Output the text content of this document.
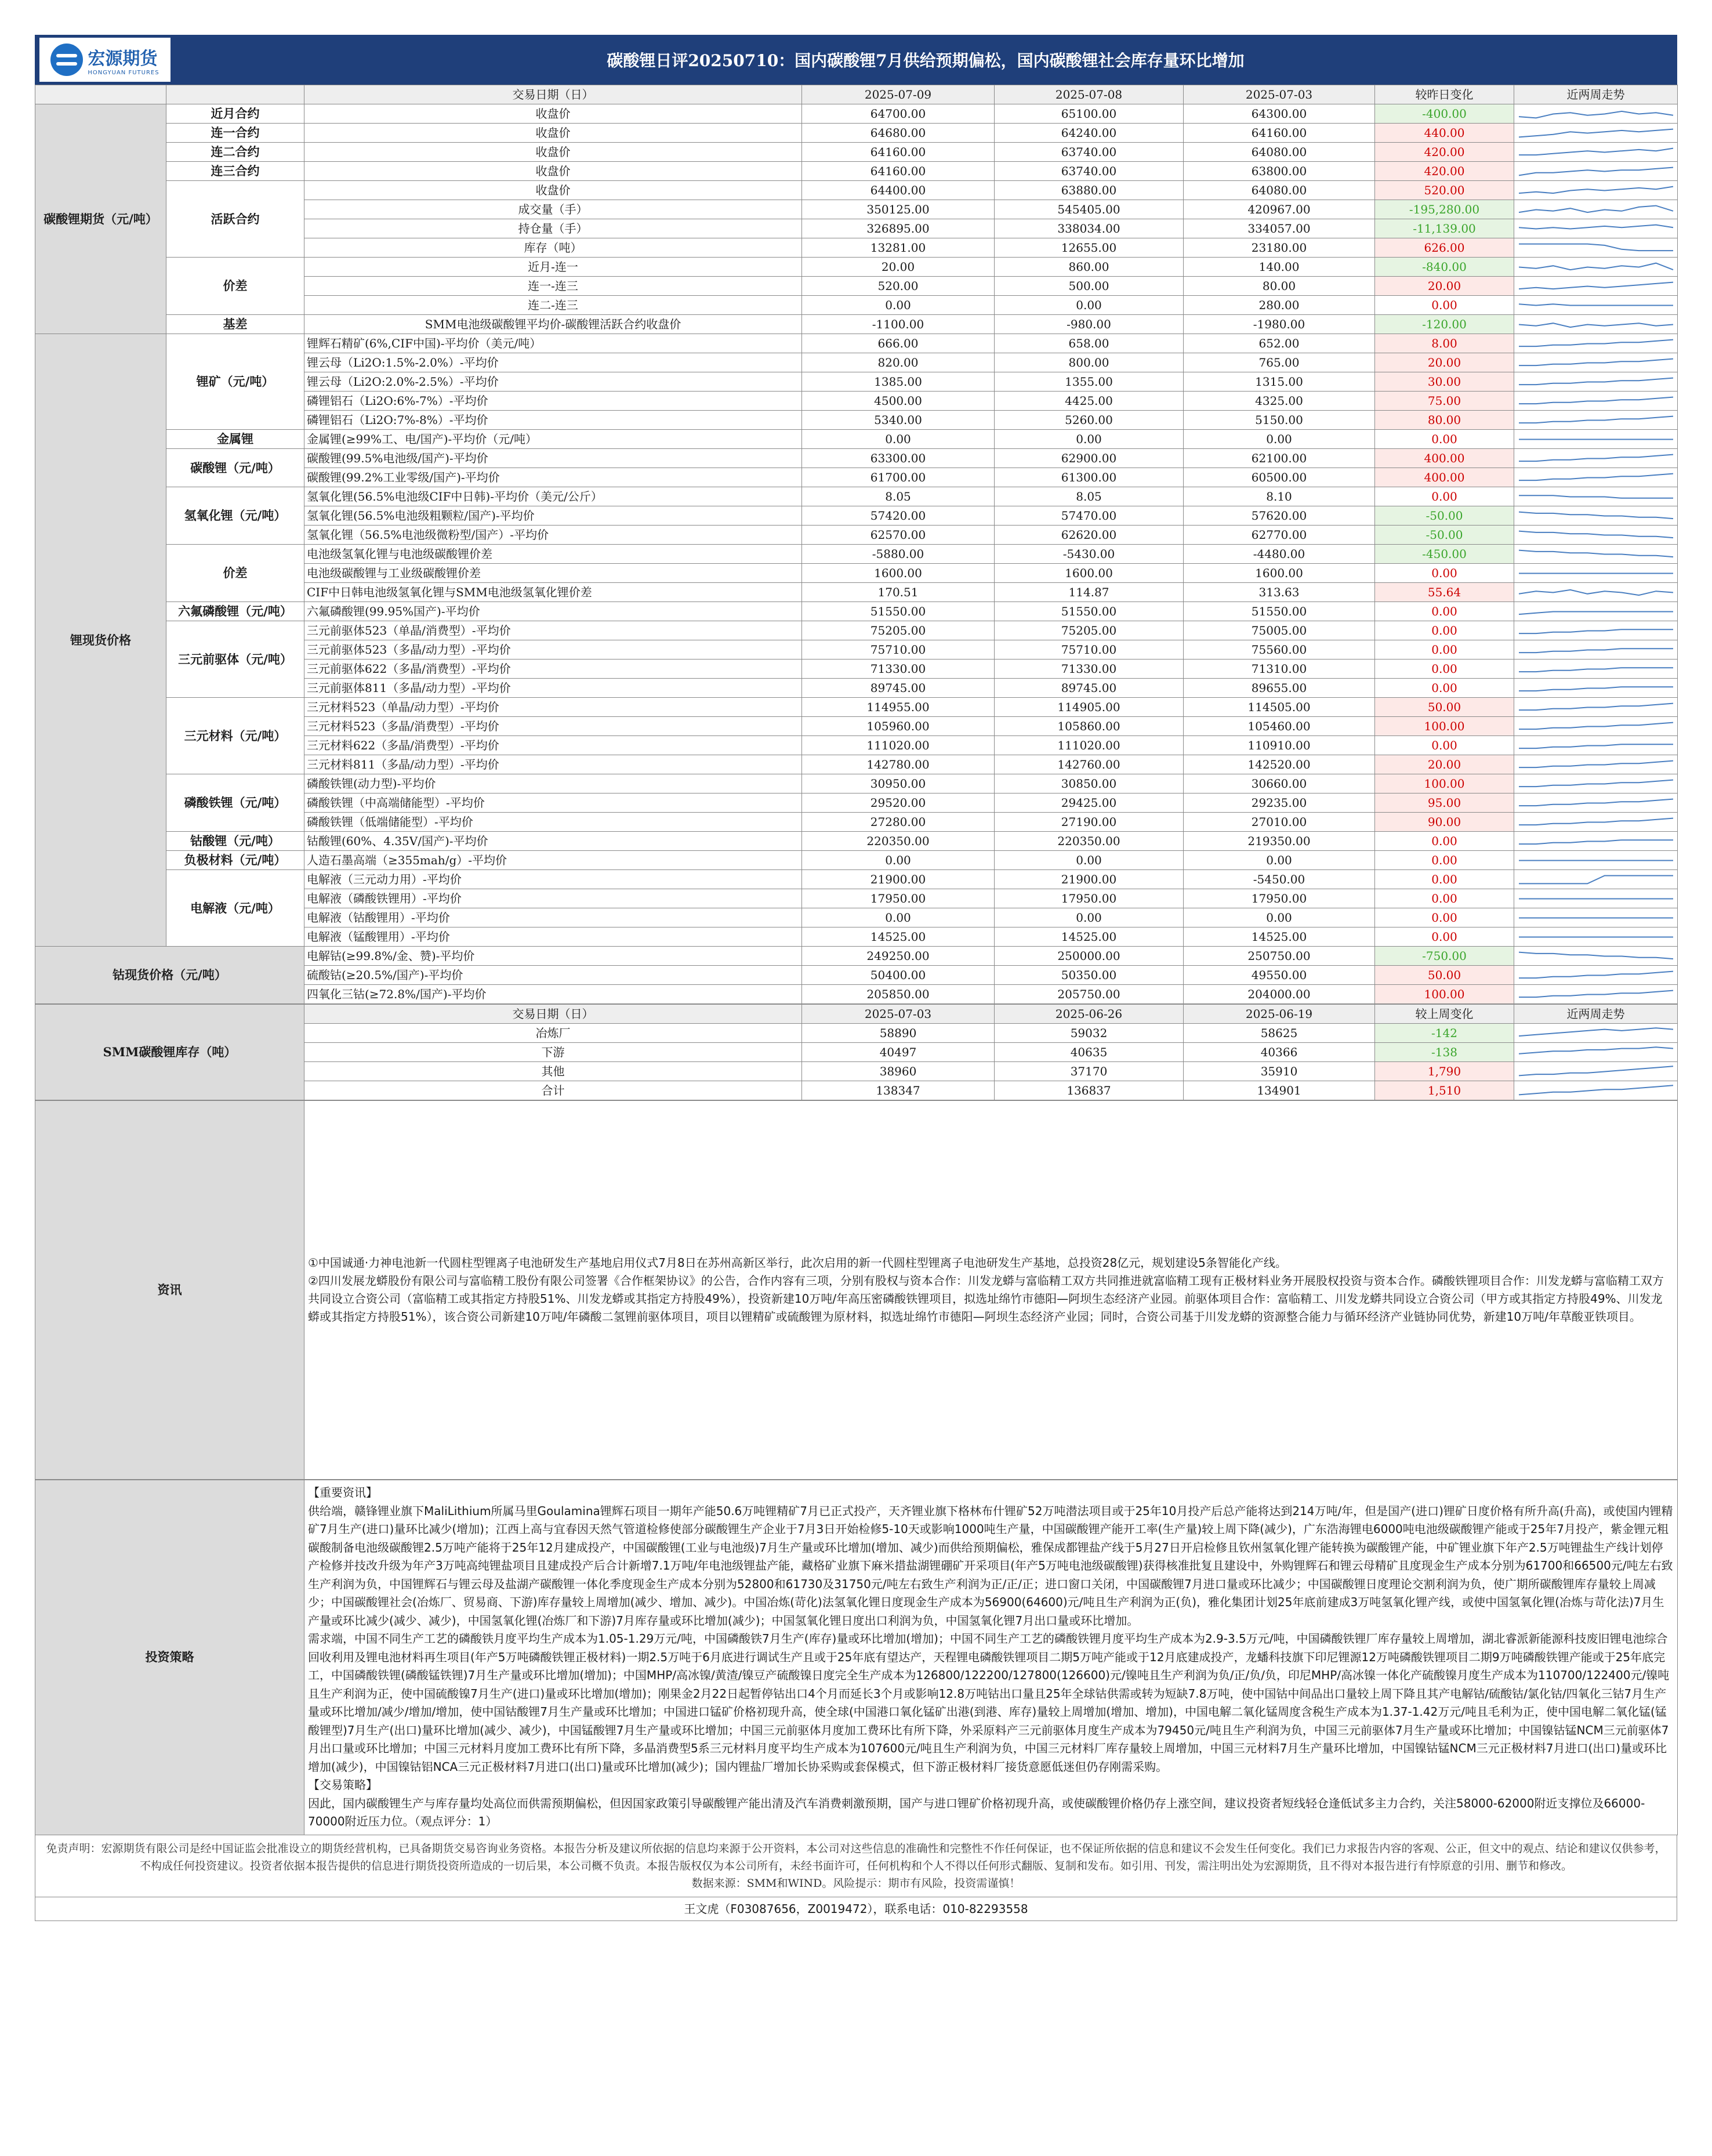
宏源期货
HONGYUAN FUTURES
碳酸锂日评20250710：国内碳酸锂7月供给预期偏松，国内碳酸锂社会库存量环比增加
		交易日期（日）	2025-07-09	2025-07-08	2025-07-03	较昨日变化	近两周走势
碳酸锂期货（元/吨）	近月合约	收盘价	64700.00	65100.00	64300.00	-400.00	

	连一合约	收盘价	64680.00	64240.00	64160.00	440.00	

	连二合约	收盘价	64160.00	63740.00	64080.00	420.00	

	连三合约	收盘价	64160.00	63740.00	63800.00	420.00	

	活跃合约	收盘价	64400.00	63880.00	64080.00	520.00	

		成交量（手）	350125.00	545405.00	420967.00	-195,280.00	

		持仓量（手）	326895.00	338034.00	334057.00	-11,139.00	

		库存（吨）	13281.00	12655.00	23180.00	626.00	

	价差	近月-连一	20.00	860.00	140.00	-840.00	

		连一-连三	520.00	500.00	80.00	20.00	

		连二-连三	0.00	0.00	280.00	0.00	

	基差	SMM电池级碳酸锂平均价-碳酸锂活跃合约收盘价	-1100.00	-980.00	-1980.00	-120.00	

锂现货价格	锂矿（元/吨）	锂辉石精矿(6%,CIF中国)-平均价（美元/吨）	666.00	658.00	652.00	8.00	

		锂云母（Li2O:1.5%-2.0%）-平均价	820.00	800.00	765.00	20.00	

		锂云母（Li2O:2.0%-2.5%）-平均价	1385.00	1355.00	1315.00	30.00	

		磷锂铝石（Li2O:6%-7%）-平均价	4500.00	4425.00	4325.00	75.00	

		磷锂铝石（Li2O:7%-8%）-平均价	5340.00	5260.00	5150.00	80.00	

	金属锂	金属锂(≥99%工、电/国产)-平均价（元/吨）	0.00	0.00	0.00	0.00	

	碳酸锂（元/吨）	碳酸锂(99.5%电池级/国产)-平均价	63300.00	62900.00	62100.00	400.00	

		碳酸锂(99.2%工业零级/国产)-平均价	61700.00	61300.00	60500.00	400.00	

	氢氧化锂（元/吨）	氢氧化锂(56.5%电池级CIF中日韩)-平均价（美元/公斤）	8.05	8.05	8.10	0.00	

		氢氧化锂(56.5%电池级粗颗粒/国产)-平均价	57420.00	57470.00	57620.00	-50.00	

		氢氧化锂（56.5%电池级微粉型/国产）-平均价	62570.00	62620.00	62770.00	-50.00	

	价差	电池级氢氧化锂与电池级碳酸锂价差	-5880.00	-5430.00	-4480.00	-450.00	

		电池级碳酸锂与工业级碳酸锂价差	1600.00	1600.00	1600.00	0.00	

		CIF中日韩电池级氢氧化锂与SMM电池级氢氧化锂价差	170.51	114.87	313.63	55.64	

	六氟磷酸锂（元/吨）	六氟磷酸锂(99.95%国产)-平均价	51550.00	51550.00	51550.00	0.00	

	三元前驱体（元/吨）	三元前驱体523（单晶/消费型）-平均价	75205.00	75205.00	75005.00	0.00	

		三元前驱体523（多晶/动力型）-平均价	75710.00	75710.00	75560.00	0.00	

		三元前驱体622（多晶/消费型）-平均价	71330.00	71330.00	71310.00	0.00	

		三元前驱体811（多晶/动力型）-平均价	89745.00	89745.00	89655.00	0.00	

	三元材料（元/吨）	三元材料523（单晶/动力型）-平均价	114955.00	114905.00	114505.00	50.00	

		三元材料523（多晶/消费型）-平均价	105960.00	105860.00	105460.00	100.00	

		三元材料622（多晶/消费型）-平均价	111020.00	111020.00	110910.00	0.00	

		三元材料811（多晶/动力型）-平均价	142780.00	142760.00	142520.00	20.00	

	磷酸铁锂（元/吨）	磷酸铁锂(动力型)-平均价	30950.00	30850.00	30660.00	100.00	

		磷酸铁锂（中高端储能型）-平均价	29520.00	29425.00	29235.00	95.00	

		磷酸铁锂（低端储能型）-平均价	27280.00	27190.00	27010.00	90.00	

	钴酸锂（元/吨）	钴酸锂(60%、4.35V/国产)-平均价	220350.00	220350.00	219350.00	0.00	

	负极材料（元/吨）	人造石墨高端（≥355mah/g）-平均价	0.00	0.00	0.00	0.00	

	电解液（元/吨）	电解液（三元动力用）-平均价	21900.00	21900.00	-5450.00	0.00	

		电解液（磷酸铁锂用）-平均价	17950.00	17950.00	17950.00	0.00	

		电解液（钴酸锂用）-平均价	0.00	0.00	0.00	0.00	

		电解液（锰酸锂用）-平均价	14525.00	14525.00	14525.00	0.00	

钴现货价格（元/吨）		电解钴(≥99.8%/金、赞)-平均价	249250.00	250000.00	250750.00	-750.00	

		硫酸钴(≥20.5%/国产)-平均价	50400.00	50350.00	49550.00	50.00	

		四氧化三钴(≥72.8%/国产)-平均价	205850.00	205750.00	204000.00	100.00	
SMM碳酸锂库存（吨）	交易日期（日）	2025-07-03	2025-06-26	2025-06-19	较上周变化	近两周走势
	冶炼厂	58890	59032	58625	-142	

	下游	40497	40635	40366	-138	

	其他	38960	37170	35910	1,790	

	合计	138347	136837	134901	1,510	
资讯	
①中国诚通·力神电池新一代圆柱型锂离子电池研发生产基地启用仪式7月8日在苏州高新区举行，此次启用的新一代圆柱型锂离子电池研发生产基地，总投资28亿元，规划建设5条智能化产线。
②四川发展龙蟒股份有限公司与富临精工股份有限公司签署《合作框架协议》的公告，合作内容有三项，分别有股权与资本合作：川发龙蟒与富临精工双方共同推进就富临精工现有正极材料业务开展股权投资与资本合作。磷酸铁锂项目合作：川发龙蟒与富临精工双方共同设立合资公司（富临精工或其指定方持股51%、川发龙蟒或其指定方持股49%），投资新建10万吨/年高压密磷酸铁锂项目，拟选址绵竹市德阳—阿坝生态经济产业园。前驱体项目合作：富临精工、川发龙蟒共同设立合资公司（甲方或其指定方持股49%、川发龙蟒或其指定方持股51%），该合资公司新建10万吨/年磷酸二氢锂前驱体项目，项目以锂精矿或硫酸锂为原材料，拟选址绵竹市德阳—阿坝生态经济产业园；同时，合资公司基于川发龙蟒的资源整合能力与循环经济产业链协同优势，新建10万吨/年草酸亚铁项目。
投资策略	

【重要资讯】

供给端，赣锋锂业旗下MaliLithium所属马里Goulamina锂辉石项目一期年产能50.6万吨锂精矿7月已正式投产，天齐锂业旗下格林布什锂矿52万吨潜法项目或于25年10月投产后总产能将达到214万吨/年，但是国产(进口)锂矿日度价格有所升高(升高)，或使国内锂精矿7月生产(进口)量环比减少(增加)；江西上高与宜春因天然气管道检修使部分碳酸锂生产企业于7月3日开始检修5-10天或影响1000吨生产量，中国碳酸锂产能开工率(生产量)较上周下降(减少)，广东浩海锂电6000吨电池级碳酸锂产能或于25年7月投产，紫金锂元粗碳酸制备电池级碳酸锂2.5万吨产能将于25年12月建成投产，中国碳酸锂(工业与电池级)7月生产量或环比增加(增加、减少)而供给预期偏松，雅保成都锂盐产线于5月27日开启检修且钦州氢氧化锂产能转换为碳酸锂产能，中矿锂业旗下年产2.5万吨锂盐生产线计划停产检修并技改升级为年产3万吨高纯锂盐项目且建成投产后合计新增7.1万吨/年电池级锂盐产能，藏格矿业旗下麻米措盐湖锂硼矿开采项目(年产5万吨电池级碳酸锂)获得核准批复且建设中，外购锂辉石和锂云母精矿且度现金生产成本分别为61700和66500元/吨左右致生产利润为负，中国锂辉石与锂云母及盐湖产碳酸锂一体化季度现金生产成本分别为52800和61730及31750元/吨左右致生产利润为正/正/正；进口窗口关闭，中国碳酸锂7月进口量或环比减少；中国碳酸锂日度理论交割利润为负，使广期所碳酸锂库存量较上周减少；中国碳酸锂社会(冶炼厂、贸易商、下游)库存量较上周增加(减少、增加、减少)。中国冶炼(苛化)法氢氧化锂日度现金生产成本为56900(64600)元/吨且生产利润为正(负)，雅化集团计划25年底前建成3万吨氢氧化锂产线，或使中国氢氧化锂(冶炼与苛化法)7月生产量或环比减少(减少、减少)，中国氢氧化锂(冶炼厂和下游)7月库存量或环比增加(减少)；中国氢氧化锂日度出口利润为负，中国氢氧化锂7月出口量或环比增加。

需求端，中国不同生产工艺的磷酸铁月度平均生产成本为1.05-1.29万元/吨，中国磷酸铁7月生产(库存)量或环比增加(增加)；中国不同生产工艺的磷酸铁锂月度平均生产成本为2.9-3.5万元/吨，中国磷酸铁锂厂库存量较上周增加，湖北睿派新能源科技废旧锂电池综合回收利用及锂电池材料再生项目(年产5万吨磷酸铁锂正极材料)一期2.5万吨于6月底进行调试生产且或于25年底有望达产，天程锂电磷酸铁锂项目二期5万吨产能或于12月底建成投产，龙蟠科技旗下印尼锂源12万吨磷酸铁锂项目二期9万吨磷酸铁锂产能或于25年底完工，中国磷酸铁锂(磷酸锰铁锂)7月生产量或环比增加(增加)；中国MHP/高冰镍/黄渣/镍豆产硫酸镍日度完全生产成本为126800/122200/127800(126600)元/镍吨且生产利润为负/正/负/负，印尼MHP/高冰镍一体化产硫酸镍月度生产成本为110700/122400元/镍吨且生产利润为正，使中国硫酸镍7月生产(进口)量或环比增加(增加)；刚果金2月22日起暂停钴出口4个月而延长3个月或影响12.8万吨钴出口量且25年全球钴供需或转为短缺7.8万吨，使中国钴中间品出口量较上周下降且其产电解钴/硫酸钴/氯化钴/四氧化三钴7月生产量或环比增加/减少/增加/增加，使中国钴酸锂7月生产量或环比增加；中国进口锰矿价格初现升高，使全球(中国港口氧化锰矿出港(到港、库存)量较上周增加(增加、增加)，中国电解二氧化锰周度含税生产成本为1.37-1.42万元/吨且毛利为正，使中国电解二氧化锰(锰酸锂型)7月生产(出口)量环比增加(减少、减少)，中国锰酸锂7月生产量或环比增加；中国三元前驱体月度加工费环比有所下降，外采原料产三元前驱体月度生产成本为79450元/吨且生产利润为负，中国三元前驱体7月生产量或环比增加；中国镍钴锰NCM三元前驱体7月出口量或环比增加；中国三元材料月度加工费环比有所下降，多晶消费型5系三元材料月度平均生产成本为107600元/吨且生产利润为负，中国三元材料厂库存量较上周增加，中国三元材料7月生产量环比增加，中国镍钴锰NCM三元正极材料7月进口(出口)量或环比增加(减少)，中国镍钴铝NCA三元正极材料7月进口(出口)量或环比增加(减少)；国内锂盐厂增加长协采购或套保模式，但下游正极材料厂接货意愿低迷但仍存刚需采购。

【交易策略】

因此，国内碳酸锂生产与库存量均处高位而供需预期偏松，但因国家政策引导碳酸锂产能出清及汽车消费刺激预期，国产与进口锂矿价格初现升高，或使碳酸锂价格仍存上涨空间，建议投资者短线轻仓逢低试多主力合约，关注58000-62000附近支撑位及66000-70000附近压力位。（观点评分：1）

免责声明：宏源期货有限公司是经中国证监会批准设立的期货经营机构，已具备期货交易咨询业务资格。本报告分析及建议所依据的信息均来源于公开资料，本公司对这些信息的准确性和完整性不作任何保证，也不保证所依据的信息和建议不会发生任何变化。我们已力求报告内容的客观、公正，但文中的观点、结论和建议仅供参考，不构成任何投资建议。投资者依据本报告提供的信息进行期货投资所造成的一切后果，本公司概不负责。本报告版权仅为本公司所有，未经书面许可，任何机构和个人不得以任何形式翻版、复制和发布。如引用、刊发，需注明出处为宏源期货，且不得对本报告进行有悖原意的引用、删节和修改。
数据来源：SMM和WIND。风险提示：期市有风险，投资需谨慎！
王文虎（F03087656，Z0019472），联系电话：010-82293558
